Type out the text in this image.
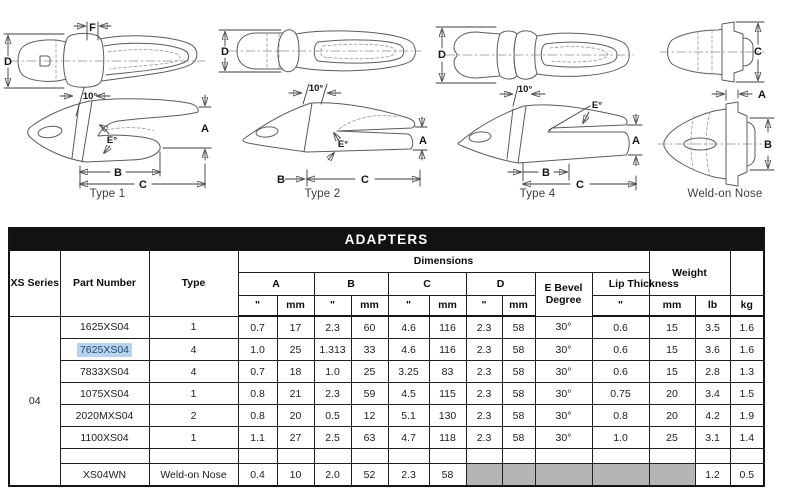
D
F
10°
E°
A
B
C
Type 1
D
10°
E°	A
B	C
Type 2
D
10°
E°
A
B
C
Type 4
C
A
B
Weld-on Nose
ADAPTERS															
XS Series	Part Number	Type	Dimensions										Weight		
			A		B		C		D		E Bevel Degree	Lip Thickness			
			"	mm	"	mm	"	mm	"	mm		"	mm	lb	kg
04	1625XS04	1	0.7	17	2.3	60	4.6	116	2.3	58	30°	0.6	15	3.5	1.6
	7625XS04	4	1.0	25	1.313	33	4.6	116	2.3	58	30°	0.6	15	3.6	1.6
	7833XS04	4	0.7	18	1.0	25	3.25	83	2.3	58	30°	0.6	15	2.8	1.3
	1075XS04	1	0.8	21	2.3	59	4.5	115	2.3	58	30°	0.75	20	3.4	1.5
	2020MXS04	2	0.8	20	0.5	12	5.1	130	2.3	58	30°	0.8	20	4.2	1.9
	1100XS04	1	1.1	27	2.5	63	4.7	118	2.3	58	30°	1.0	25	3.1	1.4

	XS04WN	Weld-on Nose	0.4	10	2.0	52	2.3	58						1.2	0.5
